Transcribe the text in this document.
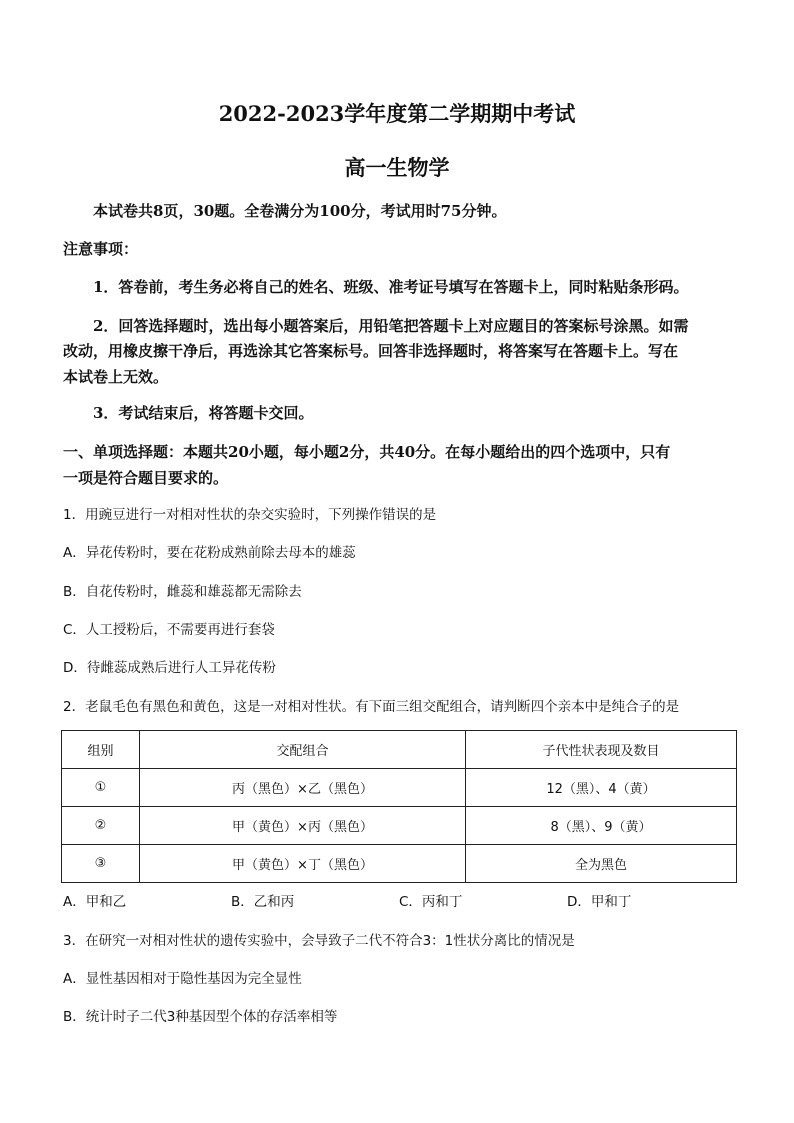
2022-2023学年度第二学期期中考试
高一生物学
本试卷共8页，30题。全卷满分为100分，考试用时75分钟。
注意事项：
1．答卷前，考生务必将自己的姓名、班级、准考证号填写在答题卡上，同时粘贴条形码。
2．回答选择题时，选出每小题答案后，用铅笔把答题卡上对应题目的答案标号涂黑。如需
改动，用橡皮擦干净后，再选涂其它答案标号。回答非选择题时，将答案写在答题卡上。写在
本试卷上无效。
3．考试结束后，将答题卡交回。
一、单项选择题：本题共20小题，每小题2分，共40分。在每小题给出的四个选项中，只有
一项是符合题目要求的。
1．用豌豆进行一对相对性状的杂交实验时，下列操作错误的是
A．异花传粉时，要在花粉成熟前除去母本的雄蕊
B．自花传粉时，雌蕊和雄蕊都无需除去
C．人工授粉后，不需要再进行套袋
D．待雌蕊成熟后进行人工异花传粉
2．老鼠毛色有黑色和黄色，这是一对相对性状。有下面三组交配组合，请判断四个亲本中是纯合子的是
组别	交配组合	子代性状表现及数目
①	丙（黑色）×乙（黑色）	12（黑）、4（黄）
②	甲（黄色）×丙（黑色）	8（黑）、9（黄）
③	甲（黄色）×丁（黑色）	全为黑色
A．甲和乙	B．乙和丙	C．丙和丁	D．甲和丁
3．在研究一对相对性状的遗传实验中，会导致子二代不符合3：1性状分离比的情况是
A．显性基因相对于隐性基因为完全显性
B．统计时子二代3种基因型个体的存活率相等
